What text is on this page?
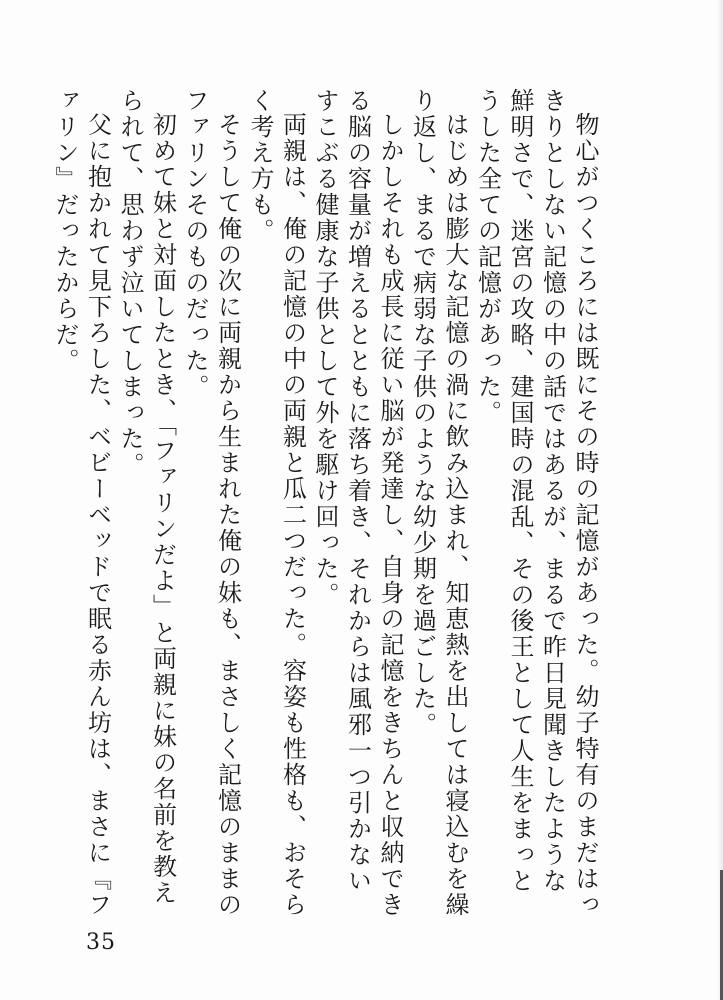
物心がつくころには既にその時の記憶があった。幼子特有のまだはっきりとしない記憶の中の話ではあるが、まるで昨日見聞きしたような鮮明さで、迷宮の攻略、建国時の混乱、その後王として人生をまっとうした全ての記憶があった。

はじめは膨大な記憶の渦に飲み込まれ、知恵熱を出しては寝込むを繰り返し、まるで病弱な子供のような幼少期を過ごした。

しかしそれも成長に従い脳が発達し、自身の記憶をきちんと収納できる脳の容量が増えるとともに落ち着き、それからは風邪一つ引かないすこぶる健康な子供として外を駆け回った。

両親は、俺の記憶の中の両親と瓜二つだった。容姿も性格も、おそらく考え方も。

そうして俺の次に両親から生まれた俺の妹も、まさしく記憶のままのファリンそのものだった。

初めて妹と対面したとき、「ファリンだよ」と両親に妹の名前を教えられて、思わず泣いてしまった。

父に抱かれて見下ろした、ベビーベッドで眠る赤ん坊は、まさに『ファリン』だったからだ。

35
